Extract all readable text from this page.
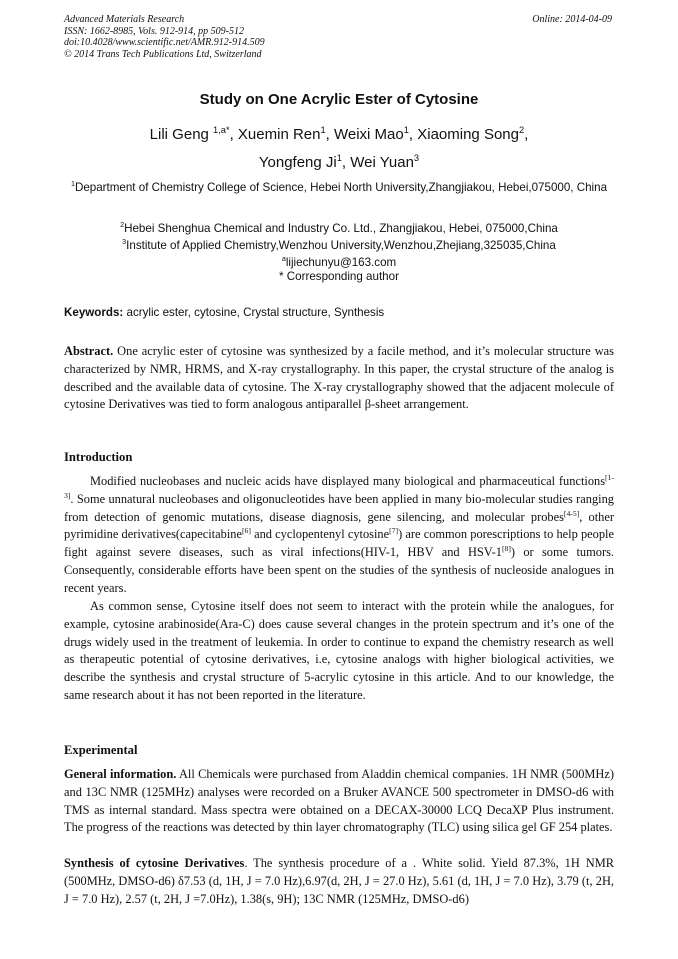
Advanced Materials Research
ISSN: 1662-8985, Vols. 912-914, pp 509-512
doi:10.4028/www.scientific.net/AMR.912-914.509
© 2014 Trans Tech Publications Ltd, Switzerland
Online: 2014-04-09
Study on One Acrylic Ester of Cytosine
Lili Geng $^{1,a*}$, Xuemin Ren$^1$, Weixi Mao$^1$, Xiaoming Song$^2$,
Yongfeng Ji$^1$, Wei Yuan$^3$
$^1$Department of Chemistry College of Science, Hebei North University,Zhangjiakou, Hebei,075000, China
$^2$Hebei Shenghua Chemical and Industry Co. Ltd., Zhangjiakou, Hebei, 075000,China
$^3$Institute of Applied Chemistry,Wenzhou University,Wenzhou,Zhejiang,325035,China
$^a$lijiechunyu@163.com
* Corresponding author
Keywords: acrylic ester, cytosine, Crystal structure, Synthesis
Abstract. One acrylic ester of cytosine was synthesized by a facile method, and it’s molecular structure was characterized by NMR, HRMS, and X-ray crystallography. In this paper, the crystal structure of the analog is described and the available data of cytosine. The X-ray crystallography showed that the adjacent molecule of cytosine Derivatives was tied to form analogous antiparallel β-sheet arrangement.
Introduction
Modified nucleobases and nucleic acids have displayed many biological and pharmaceutical functions[1-3]. Some unnatural nucleobases and oligonucleotides have been applied in many bio-molecular studies ranging from detection of genomic mutations, disease diagnosis, gene silencing, and molecular probes[4-5], other pyrimidine derivatives(capecitabine[6] and cyclopentenyl cytosine[7]) are common porescriptions to help people fight against severe diseases, such as viral infections(HIV-1, HBV and HSV-1[8]) or some tumors. Consequently, considerable efforts have been spent on the studies of the synthesis of nucleoside analogues in recent years.
As common sense, Cytosine itself does not seem to interact with the protein while the analogues, for example, cytosine arabinoside(Ara-C) does cause several changes in the protein spectrum and it’s one of the drugs widely used in the treatment of leukemia. In order to continue to expand the chemistry research as well as therapeutic potential of cytosine derivatives, i.e, cytosine analogs with higher biological activities, we describe the synthesis and crystal structure of 5-acrylic cytosine in this article. And to our knowledge, the same research about it has not been reported in the literature.
Experimental
General information. All Chemicals were purchased from Aladdin chemical companies. 1H NMR (500MHz) and 13C NMR (125MHz) analyses were recorded on a Bruker AVANCE 500 spectrometer in DMSO-d6 with TMS as internal standard. Mass spectra were obtained on a DECAX-30000 LCQ DecaXP Plus instrument. The progress of the reactions was detected by thin layer chromatography (TLC) using silica gel GF 254 plates.
Synthesis of cytosine Derivatives. The synthesis procedure of a . White solid. Yield 87.3%, 1H NMR (500MHz, DMSO-d6) δ7.53 (d, 1H, J = 7.0 Hz),6.97(d, 2H, J = 27.0 Hz), 5.61 (d, 1H, J = 7.0 Hz), 3.79 (t, 2H, J = 7.0 Hz), 2.57 (t, 2H, J =7.0Hz), 1.38(s, 9H); 13C NMR (125MHz, DMSO-d6)
